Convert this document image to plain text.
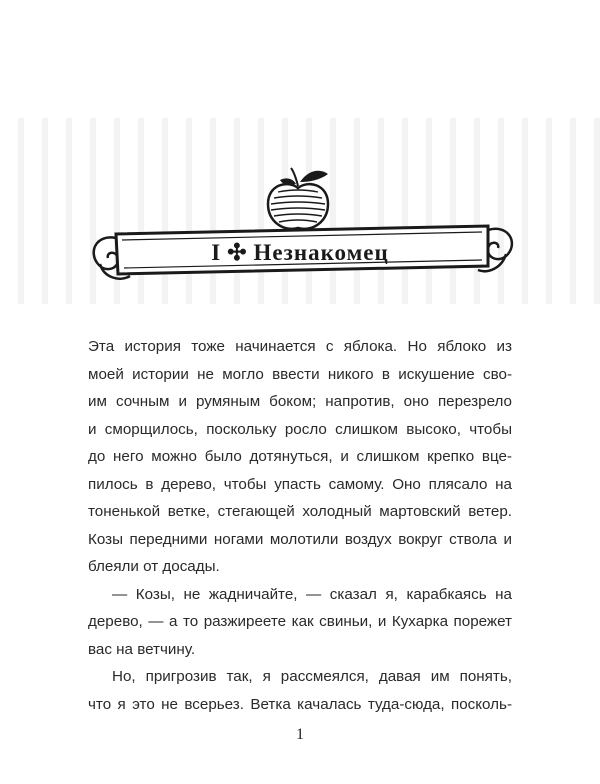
I ✣ Незнакомец

Эта история тоже начинается с яблока. Но яблоко из
моей истории не могло ввести никого в искушение сво-
им сочным и румяным боком; напротив, оно перезрело
и сморщилось, поскольку росло слишком высоко, чтобы
до него можно было дотянуться, и слишком крепко вце-
пилось в дерево, чтобы упасть самому. Оно плясало на
тоненькой ветке, стегающей холодный мартовский ветер.
Козы передними ногами молотили воздух вокруг ствола и
блеяли от досады.

— Козы, не жадничайте, — сказал я, карабкаясь на
дерево, — а то разжиреете как свиньи, и Кухарка порежет
вас на ветчину.

Но, пригрозив так, я рассмеялся, давая им понять,
что я это не всерьез. Ветка качалась туда-сюда, посколь-

1
